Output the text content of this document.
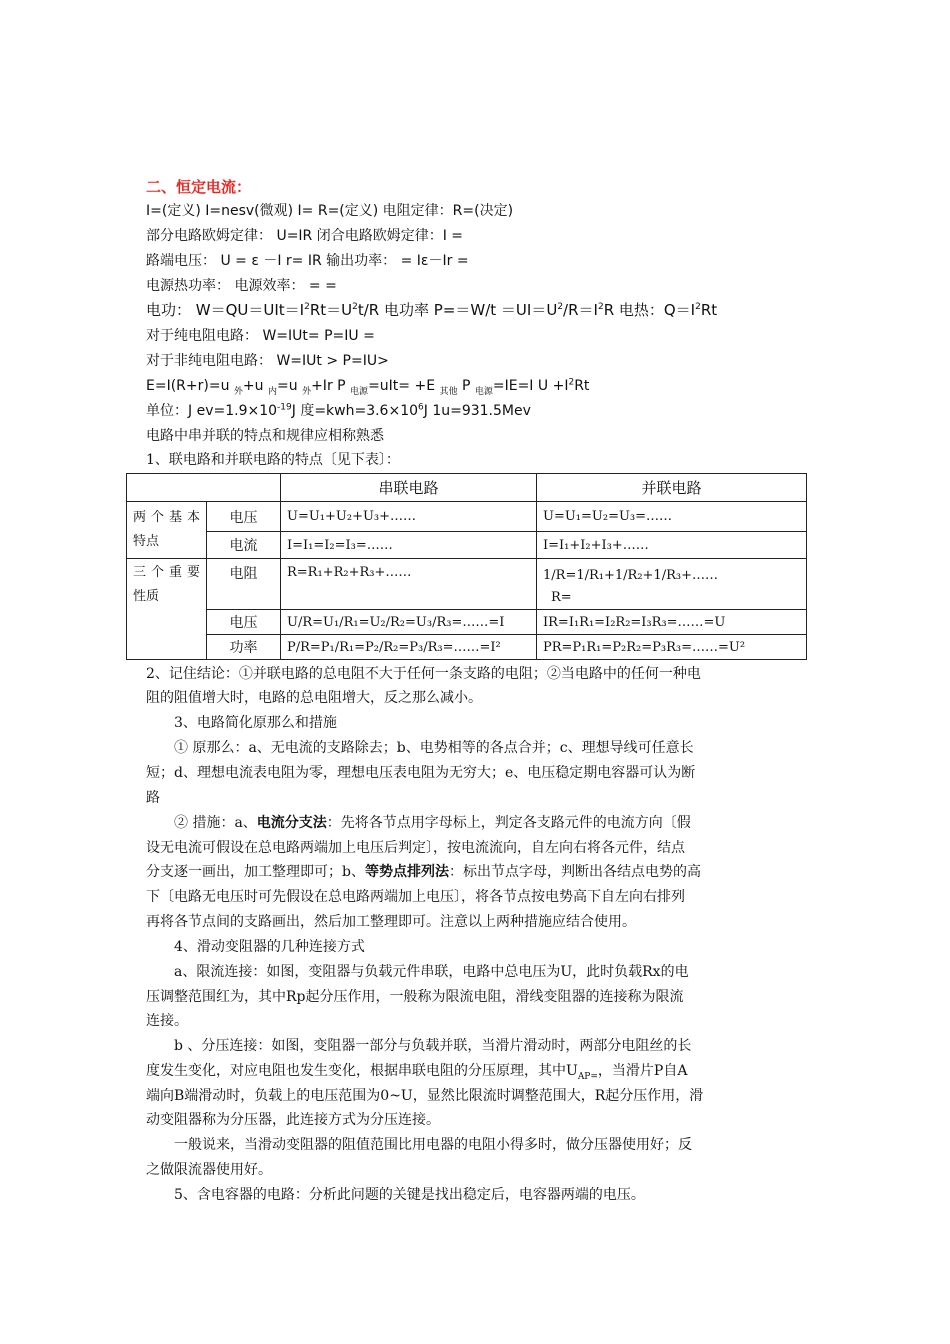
二、恒定电流：
I=(定义) I=nesv(微观) I= R=(定义) 电阻定律：R=(决定)
部分电路欧姆定律： U=IR 闭合电路欧姆定律：I =
路端电压： U = ε －I r= IR 输出功率： = Iε－Ir =
电源热功率： 电源效率： = =
电功： $W=QU=UIt=I^2Rt=U^2t/R$ 电功率 $P==W/t =UI=U^2/R=I^2R$ 电热：$Q=I^2Rt$
对于纯电阻电路： W=IUt= P=IU =
对于非纯电阻电路： W=IUt > P=IU>
E=I(R+r)=u $_外$+u $_内$=u $_外$+Ir P $_{电源}$=uIt= +E $_{其他}$ P $_{电源}$=IE=I $U +I^2Rt$
单位：J $ev=1.9\times 10^{-19}J$ 度$=kwh=3.6\times 10^6J$ 1u=931.5Mev
电路中串并联的特点和规律应相称熟悉
1、联电路和并联电路的特点〔见下表〕：
		串联电路	并联电路
两 个 基 本特点	电压	U=U₁+U₂+U₃+……	U=U₁=U₂=U₃=……
	电流	I=I₁=I₂=I₃=……	I=I₁+I₂+I₃+……
三 个 重 要性质	电阻	R=R₁+R₂+R₃+……	1/R=1/R₁+1/R₂+1/R₃+……
R=

	电压	U/R=U₁/R₁=U₂/R₂=U₃/R₃=……=I	IR=I₁R₁=I₂R₂=I₃R₃=……=U
	功率	P/R=P₁/R₁=P₂/R₂=P₃/R₃=……=I²	PR=P₁R₁=P₂R₂=P₃R₃=……=U²
2、记住结论：①并联电路的总电阻不大于任何一条支路的电阻；②当电路中的任何一种电
阻的阻值增大时，电路的总电阻增大，反之那么减小。
3、电路简化原那么和措施
① 原那么：a、无电流的支路除去；b、电势相等的各点合并；c、理想导线可任意长
短；d、理想电流表电阻为零，理想电压表电阻为无穷大；e、电压稳定期电容器可认为断
路
② 措施：a、电流分支法：先将各节点用字母标上，判定各支路元件的电流方向〔假
设无电流可假设在总电路两端加上电压后判定〕，按电流流向，自左向右将各元件，结点
分支逐一画出，加工整理即可；b、等势点排列法：标出节点字母，判断出各结点电势的高
下〔电路无电压时可先假设在总电路两端加上电压〕，将各节点按电势高下自左向右排列
再将各节点间的支路画出，然后加工整理即可。注意以上两种措施应结合使用。
4、滑动变阻器的几种连接方式
a、限流连接：如图，变阻器与负载元件串联，电路中总电压为U，此时负载Rx的电
压调整范围红为，其中Rp起分压作用，一般称为限流电阻，滑线变阻器的连接称为限流
连接。
b 、分压连接：如图，变阻器一部分与负载并联，当滑片滑动时，两部分电阻丝的长
度发生变化，对应电阻也发生变化，根据串联电阻的分压原理，其中$U_{AP=}$，当滑片P自A
端向B端滑动时，负载上的电压范围为0~U，显然比限流时调整范围大，R起分压作用，滑
动变阻器称为分压器，此连接方式为分压连接。
一般说来，当滑动变阻器的阻值范围比用电器的电阻小得多时，做分压器使用好；反
之做限流器使用好。
5、含电容器的电路：分析此问题的关键是找出稳定后，电容器两端的电压。
